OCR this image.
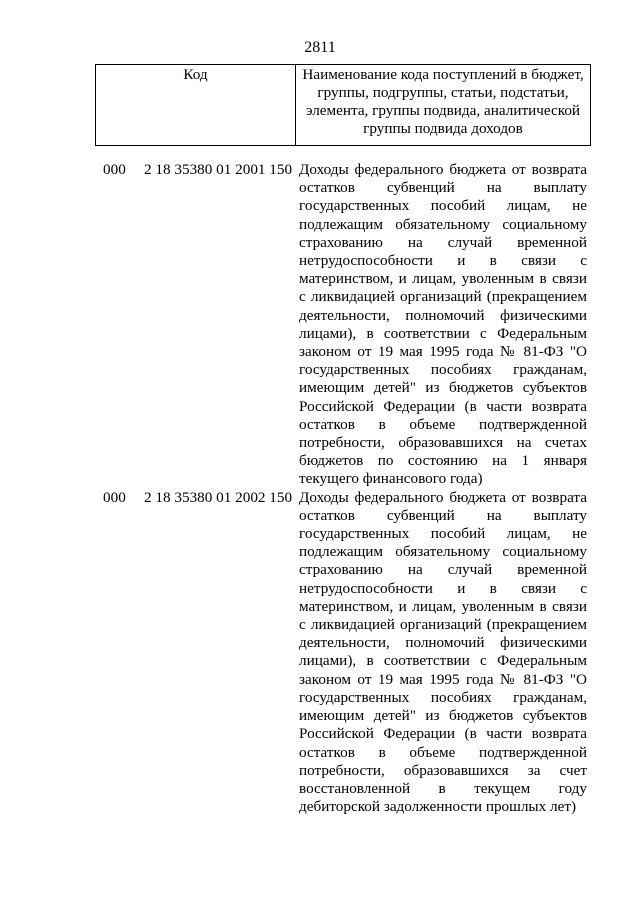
2811
Код	Наименование кода поступлений в бюджет, группы, подгруппы, статьи, подстатьи, элемента, группы подвида, аналитической группы подвида доходов
000 2 18 35380 01 2001 150 Доходы федерального бюджета от возврата остатков субвенций на выплату государственных пособий лицам, не подлежащим обязательному социальному страхованию на случай временной нетрудоспособности и в связи с материнством, и лицам, уволенным в связи с ликвидацией организаций (прекращением деятельности, полномочий физическими лицами), в соответствии с Федеральным законом от 19 мая 1995 года № 81-ФЗ "О государственных пособиях гражданам, имеющим детей" из бюджетов субъектов Российской Федерации (в части возврата остатков в объеме подтвержденной потребности, образовавшихся на счетах бюджетов по состоянию на 1 января текущего финансового года)
000 2 18 35380 01 2002 150 Доходы федерального бюджета от возврата остатков субвенций на выплату государственных пособий лицам, не подлежащим обязательному социальному страхованию на случай временной нетрудоспособности и в связи с материнством, и лицам, уволенным в связи с ликвидацией организаций (прекращением деятельности, полномочий физическими лицами), в соответствии с Федеральным законом от 19 мая 1995 года № 81-ФЗ "О государственных пособиях гражданам, имеющим детей" из бюджетов субъектов Российской Федерации (в части возврата остатков в объеме подтвержденной потребности, образовавшихся за счет восстановленной в текущем году дебиторской задолженности прошлых лет)
